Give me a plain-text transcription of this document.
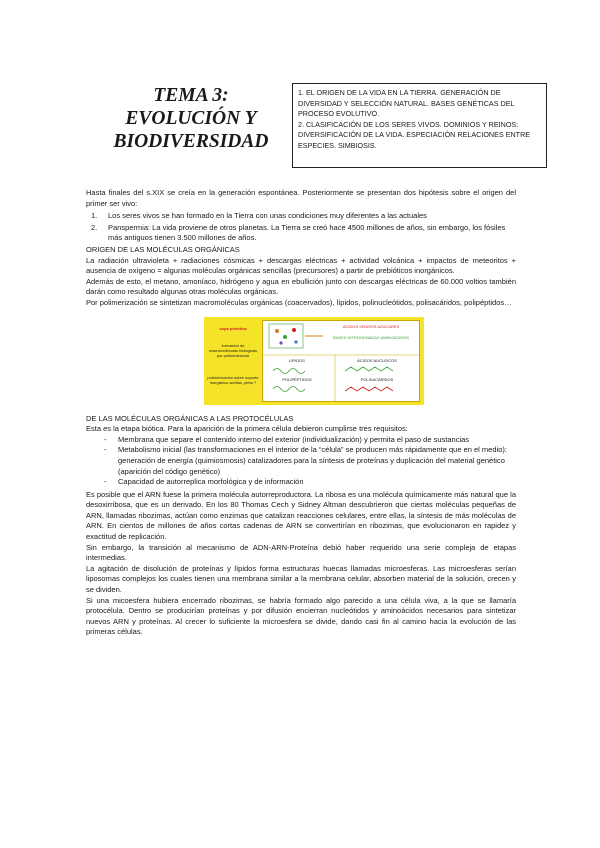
TEMA 3:
EVOLUCIÓN Y
BIODIVERSIDAD
1. EL ORIGEN DE LA VIDA EN LA TIERRA. GENERACIÓN DE DIVERSIDAD Y SELECCIÓN NATURAL. BASES GENÉTICAS DEL PROCESO EVOLUTIVO.
2. CLASIFICACIÓN DE LOS SERES VIVOS. DOMINIOS Y REINOS: DIVERSIFICACIÓN DE LA VIDA. ESPECIACIÓN RELACIONES ENTRE ESPECIES. SIMBIOSIS.

Hasta finales del s.XIX se creía en la generación espontánea. Posteriormente se presentan dos hipótesis sobre el origen del primer ser vivo:

1. Los seres vivos se han formado en la Tierra con unas condiciones muy diferentes a las actuales
2. Panspermia: La vida proviene de otros planetas. La Tierra se creó hace 4500 millones de años, sin embargo, los fósiles más antiguos tienen 3.500 millones de años.
ORIGEN DE LAS MOLÉCULAS ORGÁNICAS

La radiación ultravioleta + radiaciones cósmicas + descargas eléctricas + actividad volcánica + impactos de meteoritos + ausencia de oxígeno = algunas moléculas orgánicas sencillas (precursores) a partir de prebióticos inorgánicos.

Además de esto, el metano, amoníaco, hidrógeno y agua en ebullición junto con descargas eléctricas de 60.000 voltios también darán como resultado algunas otras moléculas orgánicas.

Por polimerización se sintetizan macromoléculas orgánicas (coacervados), lípidos, polinucleótidos, polisacáridos, polipéptidos…

sopa primitiva
formación de macromoléculas biológicas por polimerización
polimerización sobre soporte inorgánico arcillas, pirita ?
ÁCIDOS GRASOS AZÚCARES
BASES NITROGENADAS AMINOÁCIDOS
LÍPIDOS	ÁCIDOS NUCLEICOS
POLIPÉPTIDOS	POLISACÁRIDOS
DE LAS MOLÉCULAS ORGÁNICAS A LAS PROTOCÉLULAS

Esta es la etapa biótica. Para la aparición de la primera célula debieron cumplirse tres requisitos:

- Membrana que separe el contenido interno del exterior (individualización) y permita el paso de sustancias
- Metabolismo inicial (las transformaciones en el interior de la “célula” se producen más rápidamente que en el medio): generación de energía (quimiosmosis) catalizadores para la síntesis de proteínas y duplicación del material genético (aparición del código genético)
- Capacidad de autorreplica morfológica y de información

Es posible que el ARN fuese la primera molécula autorreproductora. La ribosa es una molécula químicamente más natural que la desoxirribosa, que es un derivado. En los 80 Thomas Cech y Sidney Altman descubrieron que ciertas moléculas pequeñas de ARN, llamadas ribozimas, actúan como enzimas que catalizan reacciones celulares, entre ellas, la síntesis de más moléculas de ARN. En cientos de millones de años cortas cadenas de ARN se convertirían en ribozimas, que evolucionaron en rapidez y exactitud de replicación.

Sin embargo, la transición al mecanismo de ADN-ARN-Proteína debió haber requerido una serie compleja de etapas intermedias.

La agitación de disolución de proteínas y lípidos forma estructuras huecas llamadas microesferas. Las microesferas serían liposomas complejos los cuales tienen una membrana similar a la membrana celular, absorben material de la solución, crecen y se dividen.

Si una micoesfera hubiera encerrado ribozimas, se habría formado algo parecido a una célula viva, a la que se llamaría protocélula. Dentro se producirían proteínas y por difusión encierran nucleótidos y aminoácidos necesarios para sintetizar nuevos ARN y proteínas. Al crecer lo suficiente la microesfera se divide, dando casi fin al camino hacia la evolución de las primeras células.
